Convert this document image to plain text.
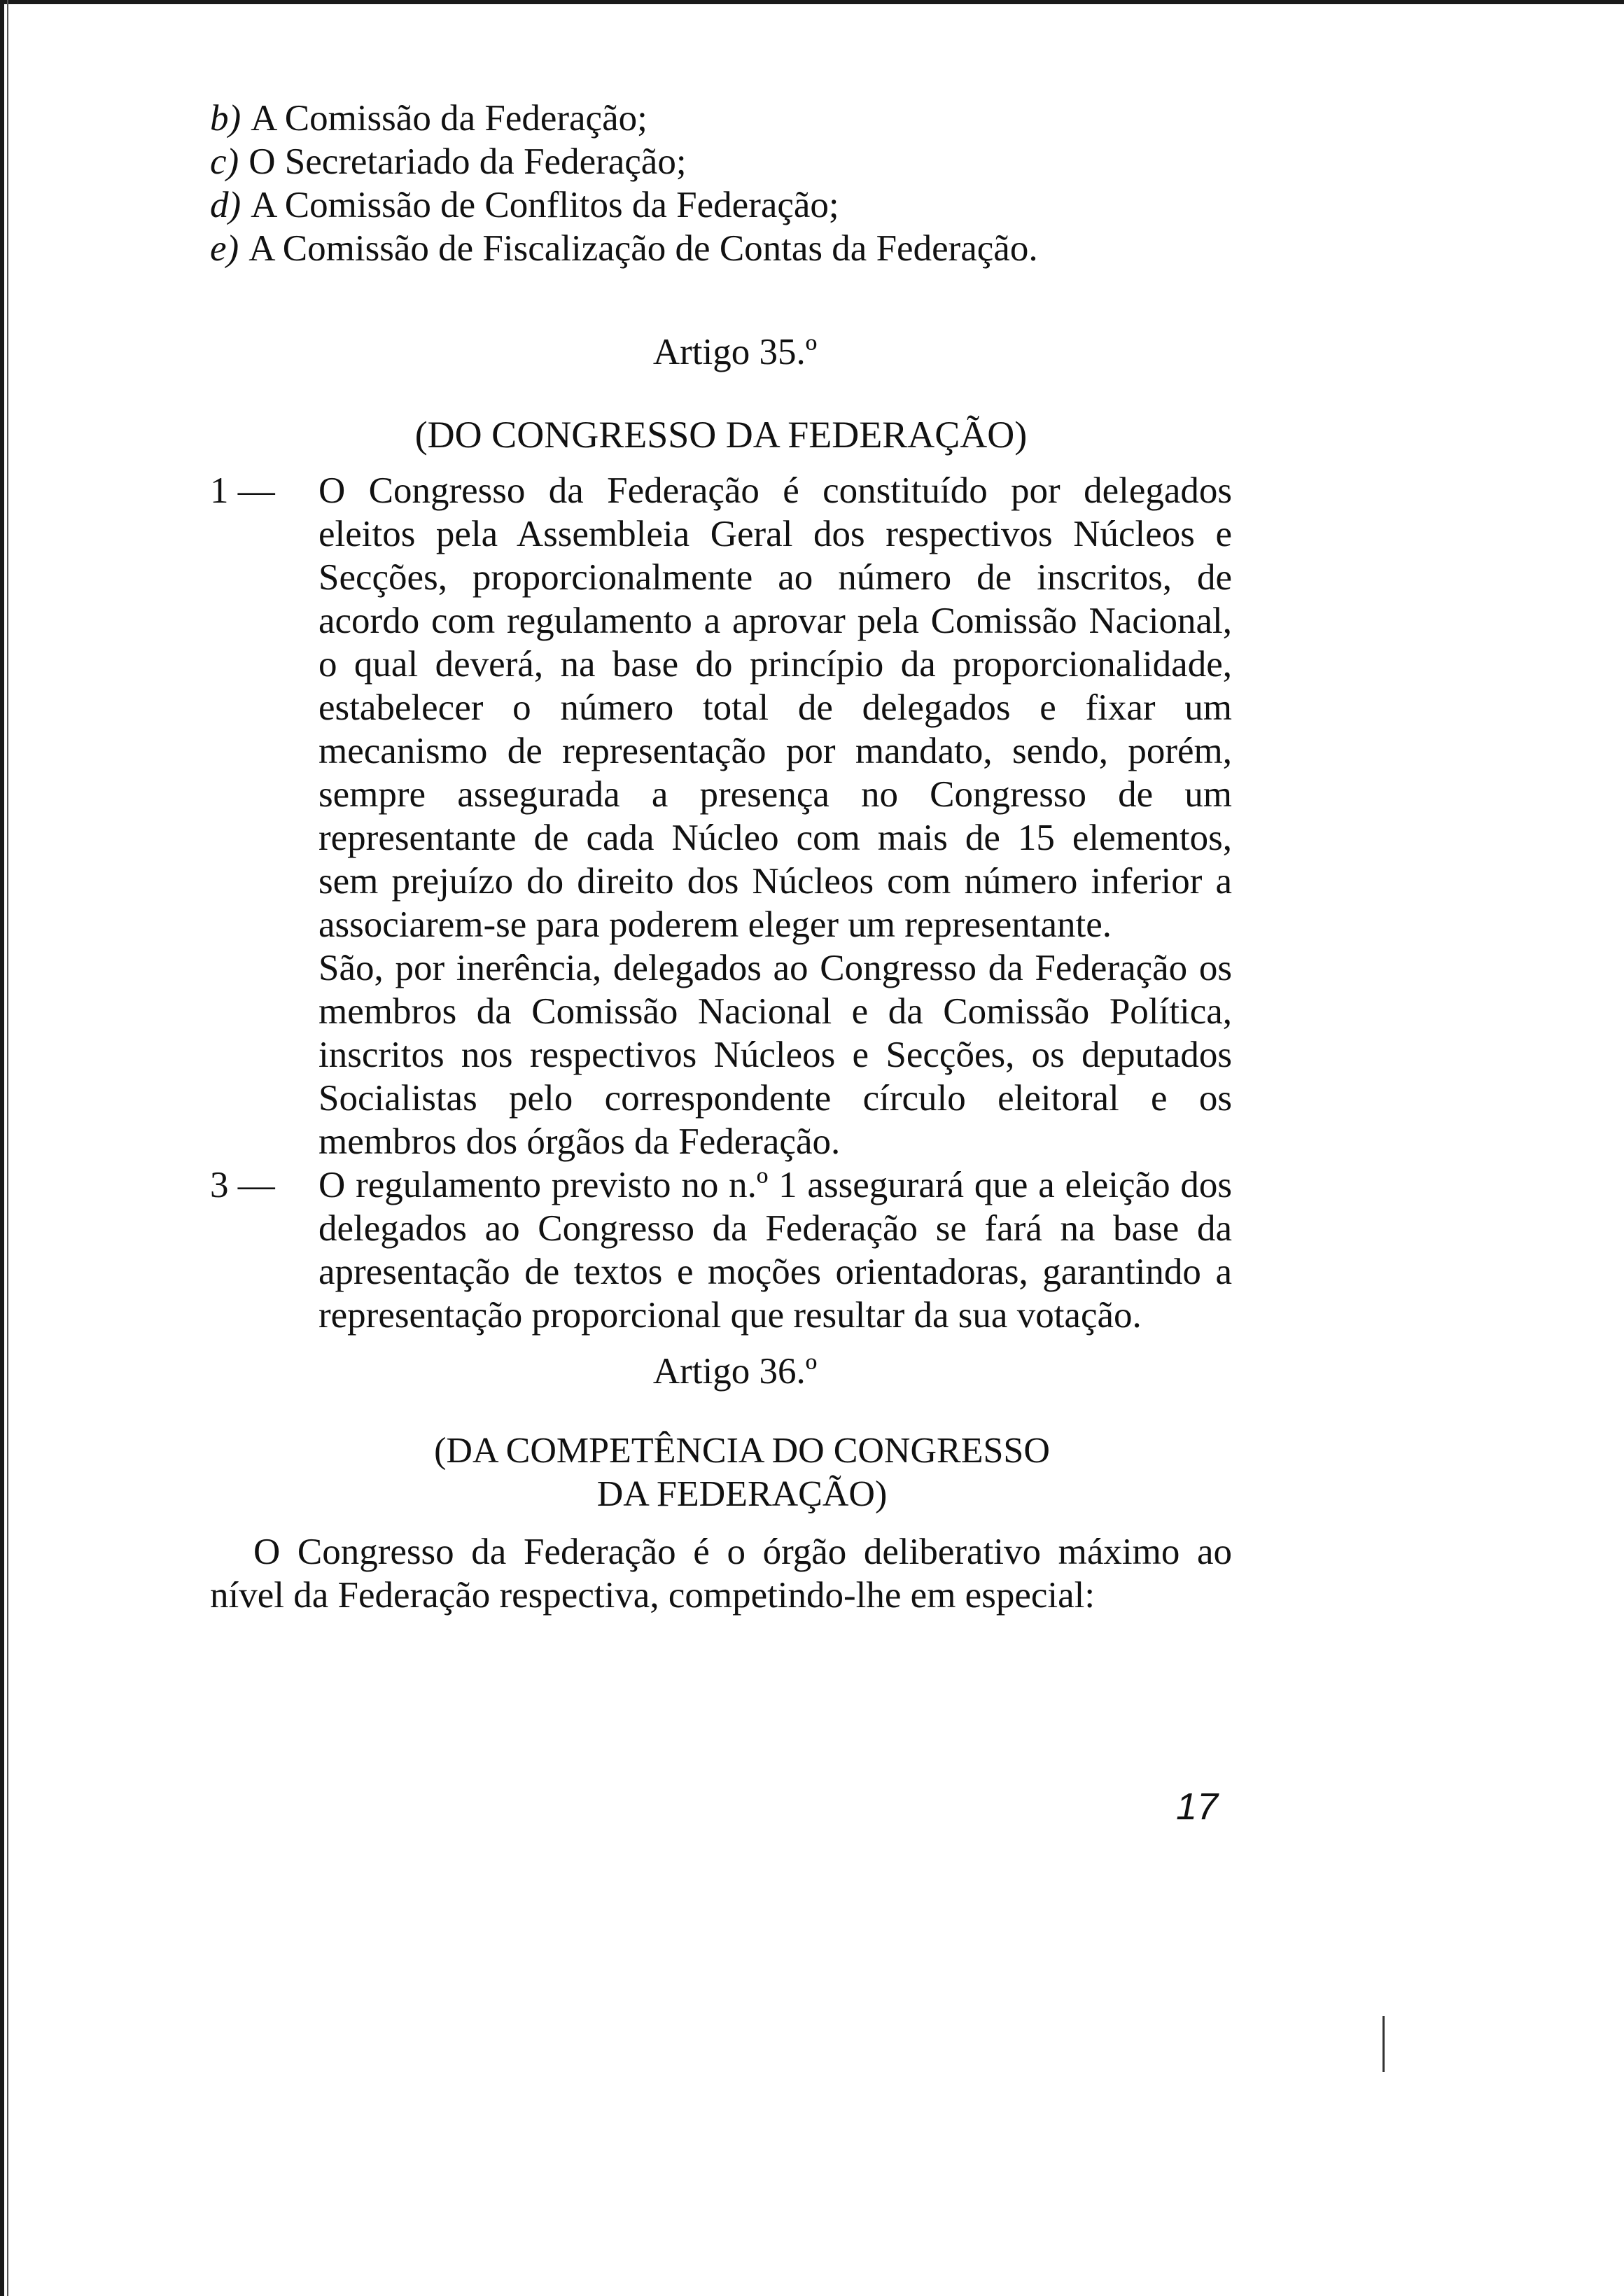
b) A Comissão da Federação;
c) O Secretariado da Federação;
d) A Comissão de Conflitos da Federação;
e) A Comissão de Fiscalização de Contas da Federação.
Artigo 35.º
(DO CONGRESSO DA FEDERAÇÃO)
1 —	O Congresso da Federação é constituído por delegados eleitos pela Assembleia Geral dos respectivos Núcleos e Secções, proporcionalmente ao número de inscritos, de acordo com regulamento a aprovar pela Comissão Nacional, o qual deverá, na base do princípio da proporcionalidade, estabelecer o número total de delegados e fixar um mecanismo de representação por mandato, sendo, porém, sempre assegurada a presença no Congresso de um representante de cada Núcleo com mais de 15 elementos, sem prejuízo do direito dos Núcleos com número inferior a associarem-se para poderem eleger um representante.
São, por inerência, delegados ao Congresso da Federação os membros da Comissão Nacional e da Comissão Política, inscritos nos respectivos Núcleos e Secções, os deputados Socialistas pelo correspondente círculo eleitoral e os membros dos órgãos da Federação.
3 —	O regulamento previsto no n.º 1 assegurará que a eleição dos delegados ao Congresso da Federação se fará na base da apresentação de textos e moções orientadoras, garantindo a representação proporcional que resultar da sua votação.
Artigo 36.º
(DA COMPETÊNCIA DO CONGRESSO
DA FEDERAÇÃO)
O Congresso da Federação é o órgão deliberativo máximo ao nível da Federação respectiva, competindo-lhe em especial:
17
